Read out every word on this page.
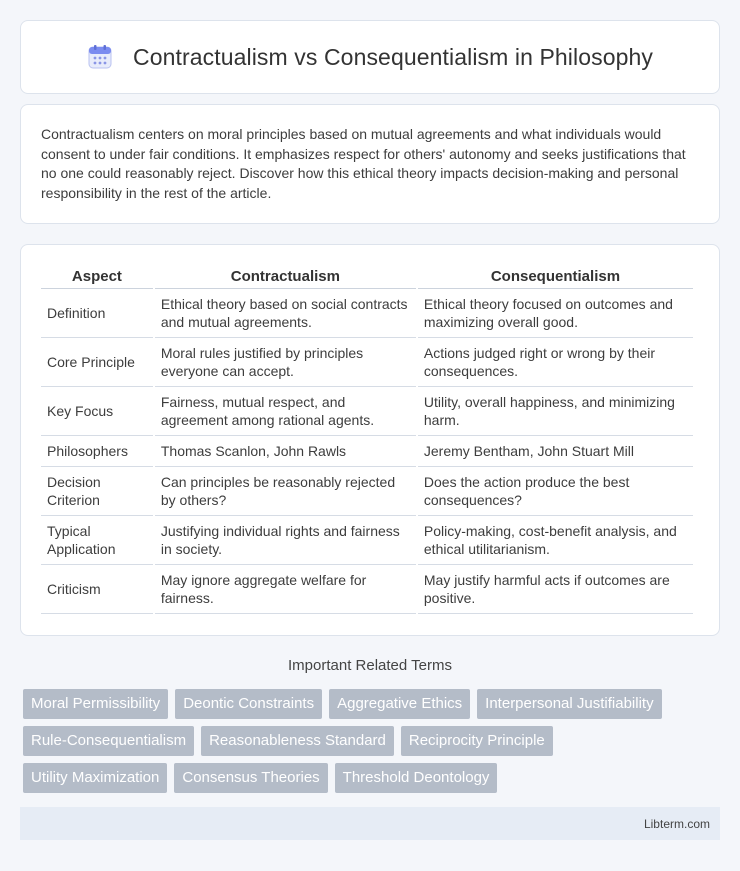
Contractualism vs Consequentialism in Philosophy

Contractualism centers on moral principles based on mutual agreements and what individuals would consent to under fair conditions. It emphasizes respect for others' autonomy and seeks justifications that no one could reasonably reject. Discover how this ethical theory impacts decision-making and personal responsibility in the rest of the article.

Aspect	Contractualism	Consequentialism
Definition	Ethical theory based on social contracts and mutual agreements.	Ethical theory focused on outcomes and maximizing overall good.
Core Principle	Moral rules justified by principles everyone can accept.	Actions judged right or wrong by their consequences.
Key Focus	Fairness, mutual respect, and agreement among rational agents.	Utility, overall happiness, and minimizing harm.
Philosophers	Thomas Scanlon, John Rawls	Jeremy Bentham, John Stuart Mill
Decision Criterion	Can principles be reasonably rejected by others?	Does the action produce the best consequences?
Typical Application	Justifying individual rights and fairness in society.	Policy-making, cost-benefit analysis, and ethical utilitarianism.
Criticism	May ignore aggregate welfare for fairness.	May justify harmful acts if outcomes are positive.
Important Related Terms
Moral Permissibility	Deontic Constraints	Aggregative Ethics	Interpersonal Justifiability
Rule-Consequentialism	Reasonableness Standard	Reciprocity Principle
Utility Maximization	Consensus Theories	Threshold Deontology
Libterm.com
